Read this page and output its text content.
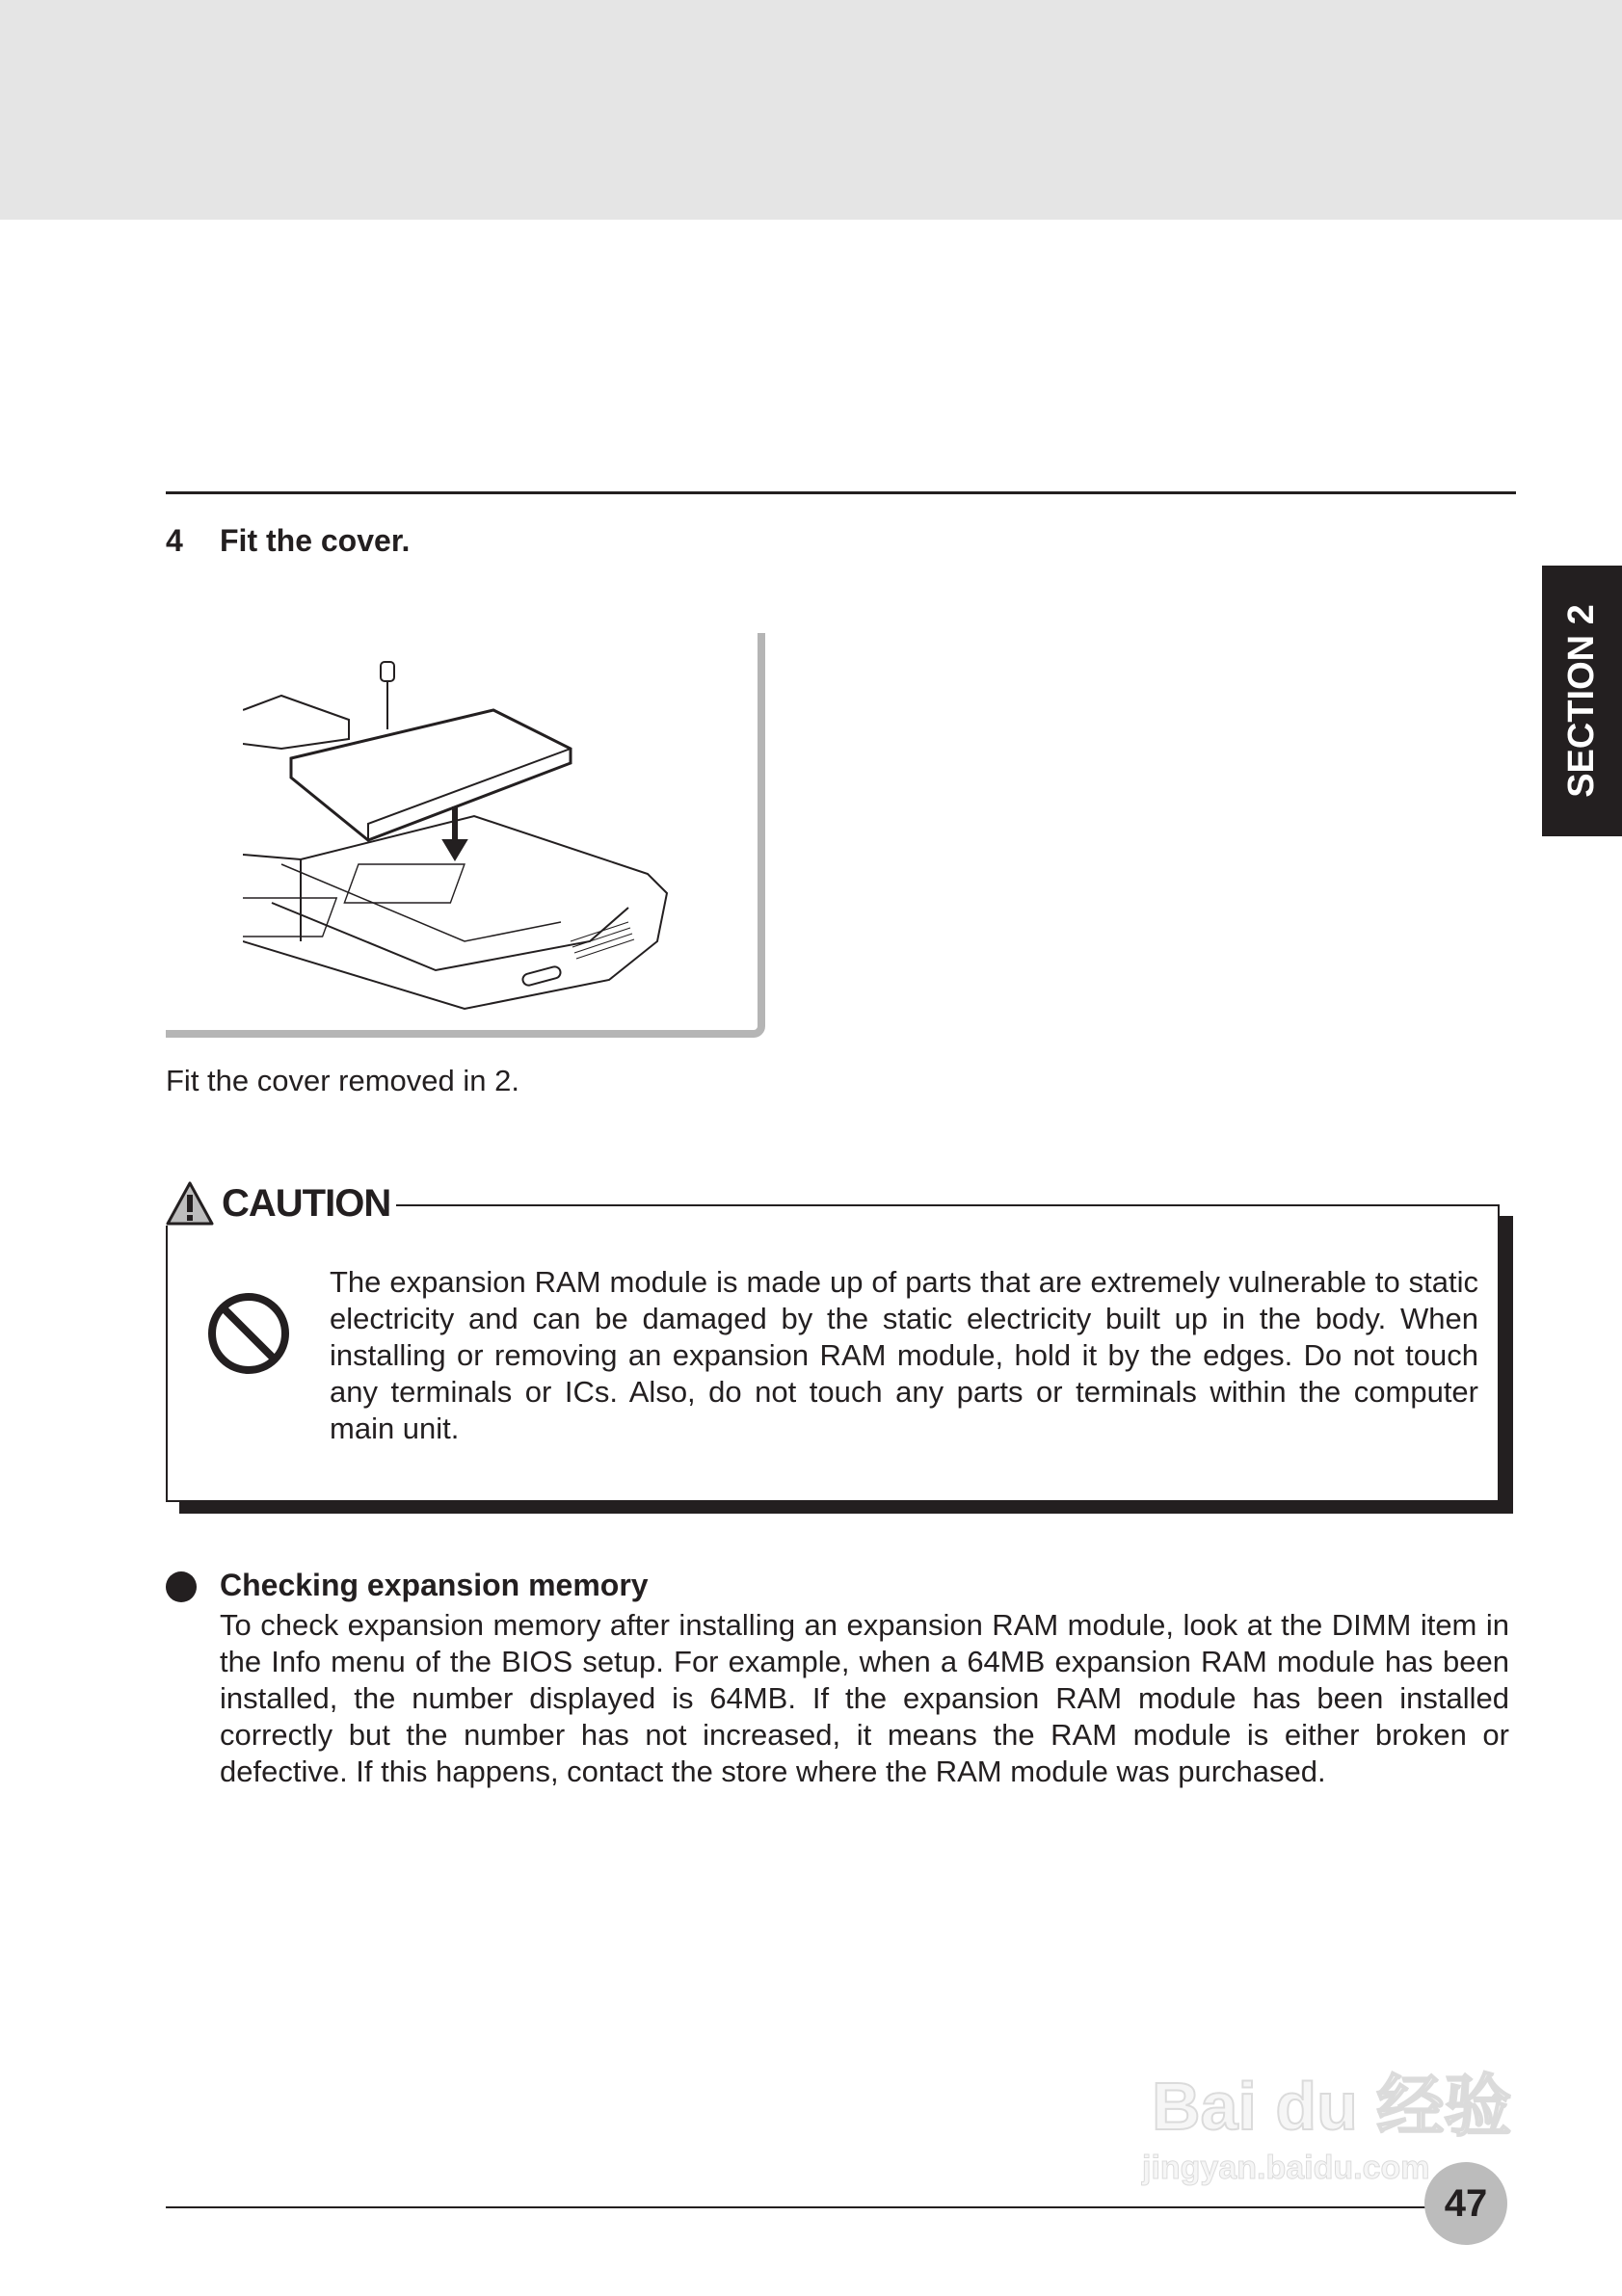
4 Fit the cover.
Fit the cover removed in 2.
CAUTION
The expansion RAM module is made up of parts that are extremely vulnerable to static electricity and can be damaged by the static electricity built up in the body. When installing or removing an expansion RAM module, hold it by the edges. Do not touch any terminals or ICs. Also, do not touch any parts or terminals within the computer main unit.
Checking expansion memory
To check expansion memory after installing an expansion RAM module, look at the DIMM item in the Info menu of the BIOS setup. For example, when a 64MB expansion RAM module has been installed, the number displayed is 64MB. If the expansion RAM module has been installed correctly but the number has not increased, it means the RAM module is either broken or defective. If this happens, contact the store where the RAM module was purchased.
SECTION 2
Bai du 经验
jingyan.baidu.com
47
